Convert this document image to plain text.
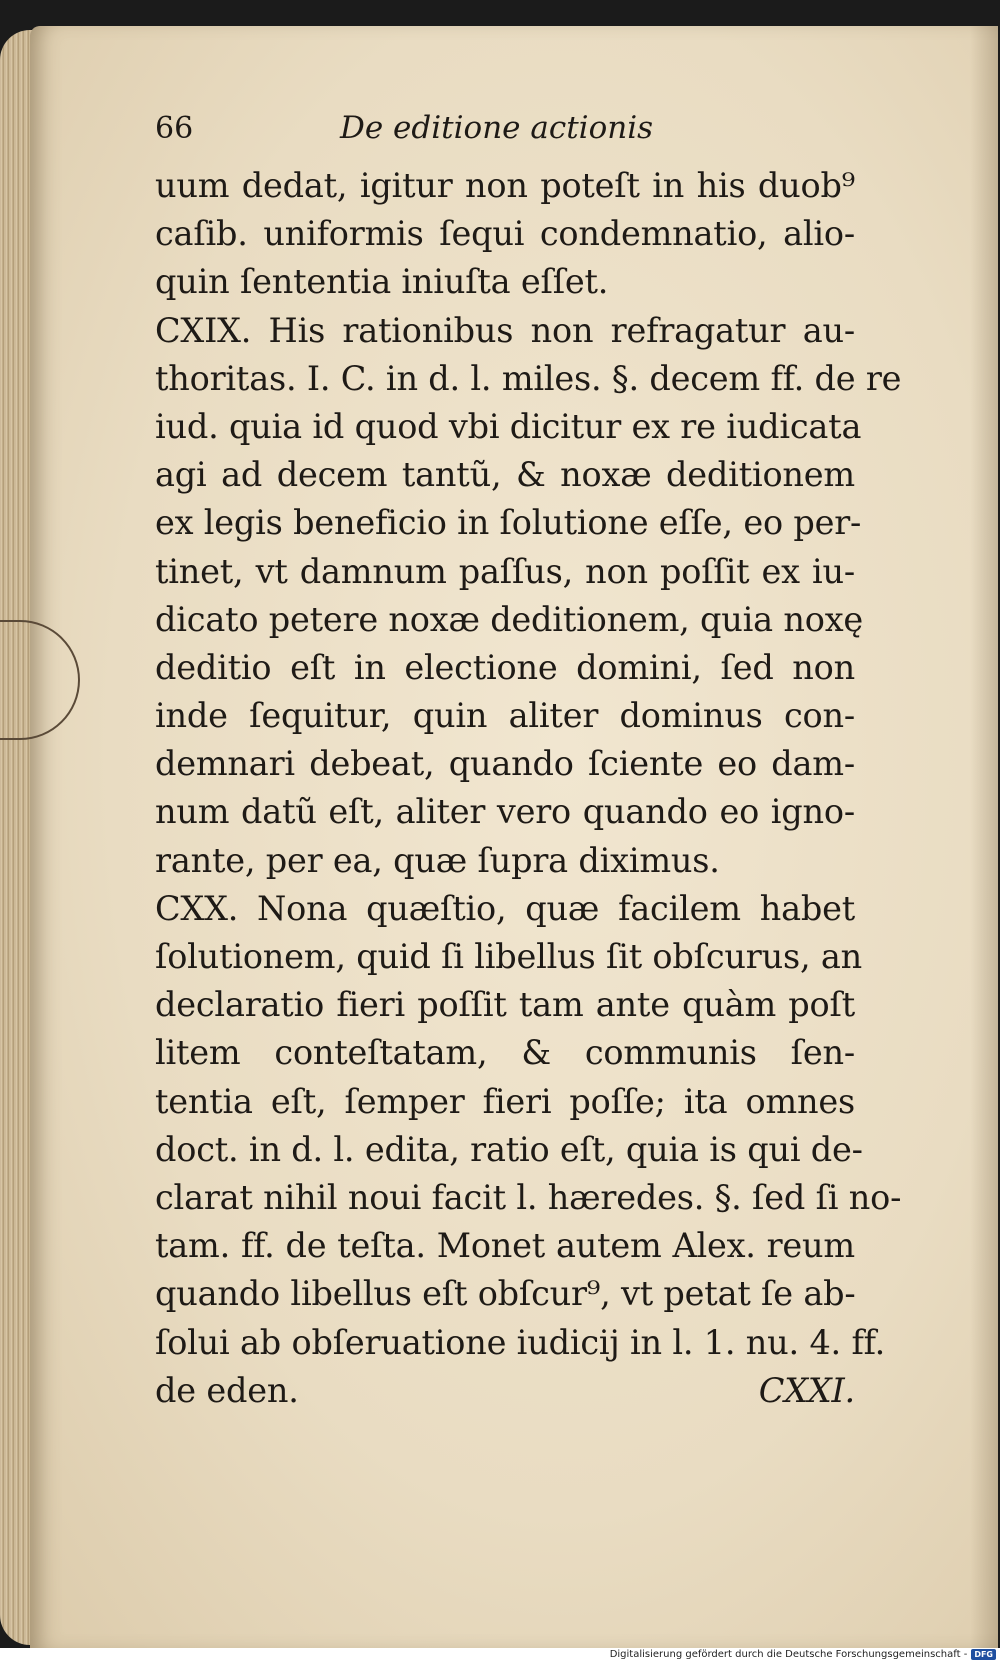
66	De editione actionis
uum dedat, igitur non poteſt in his duob⁹
caſib. uniformis ſequi condemnatio, alio-
quin ſententia iniuſta eſſet.
CXIX. His rationibus non refragatur au-
thoritas. I. C. in d. l. miles. §. decem ff. de re
iud. quia id quod vbi dicitur ex re iudicata
agi ad decem tantũ, & noxæ deditionem
ex legis beneficio in ſolutione eſſe, eo per-
tinet, vt damnum paſſus, non poſſit ex iu-
dicato petere noxæ deditionem, quia noxę
deditio eſt in electione domini, ſed non
inde ſequitur, quin aliter dominus con-
demnari debeat, quando ſciente eo dam-
num datũ eſt, aliter vero quando eo igno-
rante, per ea, quæ ſupra diximus.
CXX. Nona quæſtio, quæ facilem habet
ſolutionem, quid ſi libellus ſit obſcurus, an
declaratio fieri poſſit tam ante quàm poſt
litem conteſtatam, & communis ſen-
tentia eſt, ſemper fieri poſſe; ita omnes
doct. in d. l. edita, ratio eſt, quia is qui de-
clarat nihil noui facit l. hæredes. §. ſed ſi no-
tam. ff. de teſta. Monet autem Alex. reum
quando libellus eſt obſcur⁹, vt petat ſe ab-
ſolui ab obſeruatione iudicij in l. 1. nu. 4. ff.
de eden.	CXXI.
Digitalisierung gefördert durch die Deutsche Forschungsgemeinschaft - DFG
